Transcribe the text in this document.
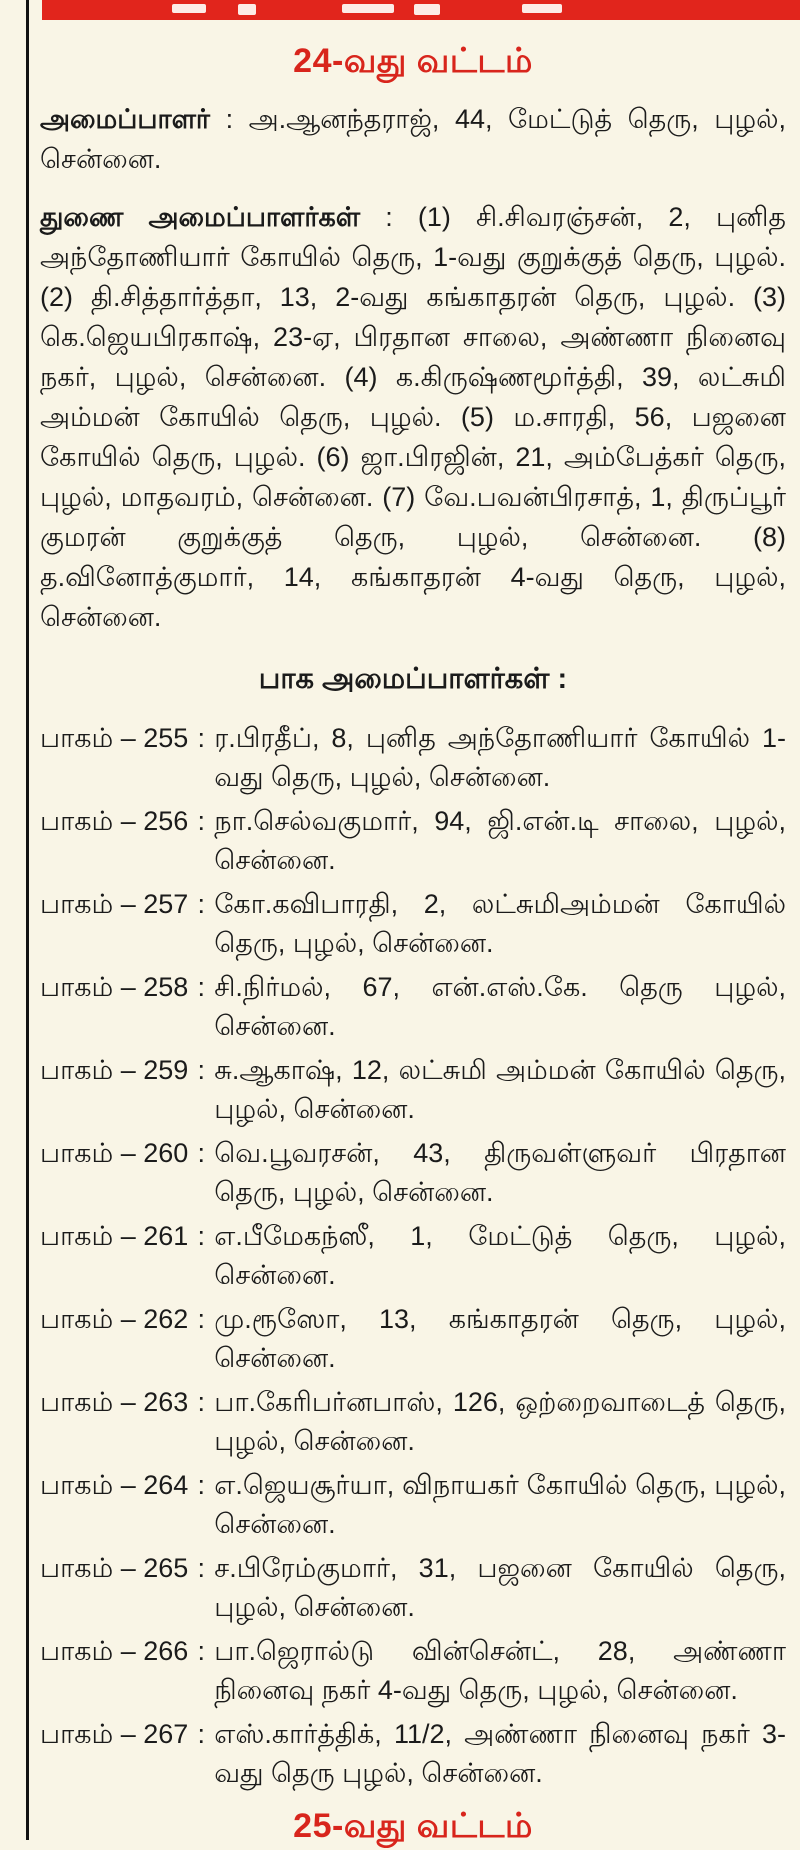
24-வது வட்டம்

அமைப்பாளர் : அ.ஆனந்தராஜ், 44, மேட்டுத் தெரு, புழல், சென்னை.

துணை அமைப்பாளர்கள் : (1) சி.சிவரஞ்சன், 2, புனித அந்தோணியார் கோயில் தெரு, 1-வது குறுக்குத் தெரு, புழல். (2) தி.சித்தார்த்தா, 13, 2-வது கங்காதரன் தெரு, புழல். (3) கெ.ஜெயபிரகாஷ், 23-ஏ, பிரதான சாலை, அண்ணா நினைவு நகர், புழல், சென்னை. (4) க.கிருஷ்ணமூர்த்தி, 39, லட்சுமி அம்மன் கோயில் தெரு, புழல். (5) ம.சாரதி, 56, பஜனை கோயில் தெரு, புழல். (6) ஜா.பிரஜின், 21, அம்பேத்கர் தெரு, புழல், மாதவரம், சென்னை. (7) வே.பவன்பிரசாத், 1, திருப்பூர் குமரன் குறுக்குத் தெரு, புழல், சென்னை. (8) த.வினோத்குமார், 14, கங்காதரன் 4-வது தெரு, புழல், சென்னை.

பாக அமைப்பாளர்கள் :
பாகம் – 255 : ர.பிரதீப், 8, புனித அந்தோணியார் கோயில் 1-வது தெரு, புழல், சென்னை.
பாகம் – 256 : நா.செல்வகுமார், 94, ஜி.என்.டி சாலை, புழல், சென்னை.
பாகம் – 257 : கோ.கவிபாரதி, 2, லட்சுமிஅம்மன் கோயில் தெரு, புழல், சென்னை.
பாகம் – 258 : சி.நிர்மல், 67, என்.எஸ்.கே. தெரு புழல், சென்னை.
பாகம் – 259 : சு.ஆகாஷ், 12, லட்சுமி அம்மன் கோயில் தெரு, புழல், சென்னை.
பாகம் – 260 : வெ.பூவரசன், 43, திருவள்ளுவர் பிரதான தெரு, புழல், சென்னை.
பாகம் – 261 : எ.பீமேகந்ஸீ, 1, மேட்டுத் தெரு, புழல், சென்னை.
பாகம் – 262 : மு.ரூஸோ, 13, கங்காதரன் தெரு, புழல், சென்னை.
பாகம் – 263 : பா.கேரிபர்னபாஸ், 126, ஒற்றைவாடைத் தெரு, புழல், சென்னை.
பாகம் – 264 : எ.ஜெயசூர்யா, விநாயகர் கோயில் தெரு, புழல், சென்னை.
பாகம் – 265 : ச.பிரேம்குமார், 31, பஜனை கோயில் தெரு, புழல், சென்னை.
பாகம் – 266 : பா.ஜெரால்டு வின்சென்ட், 28, அண்ணா நினைவு நகர் 4-வது தெரு, புழல், சென்னை.
பாகம் – 267 : எஸ்.கார்த்திக், 11/2, அண்ணா நினைவு நகர் 3-வது தெரு புழல், சென்னை.
25-வது வட்டம்
